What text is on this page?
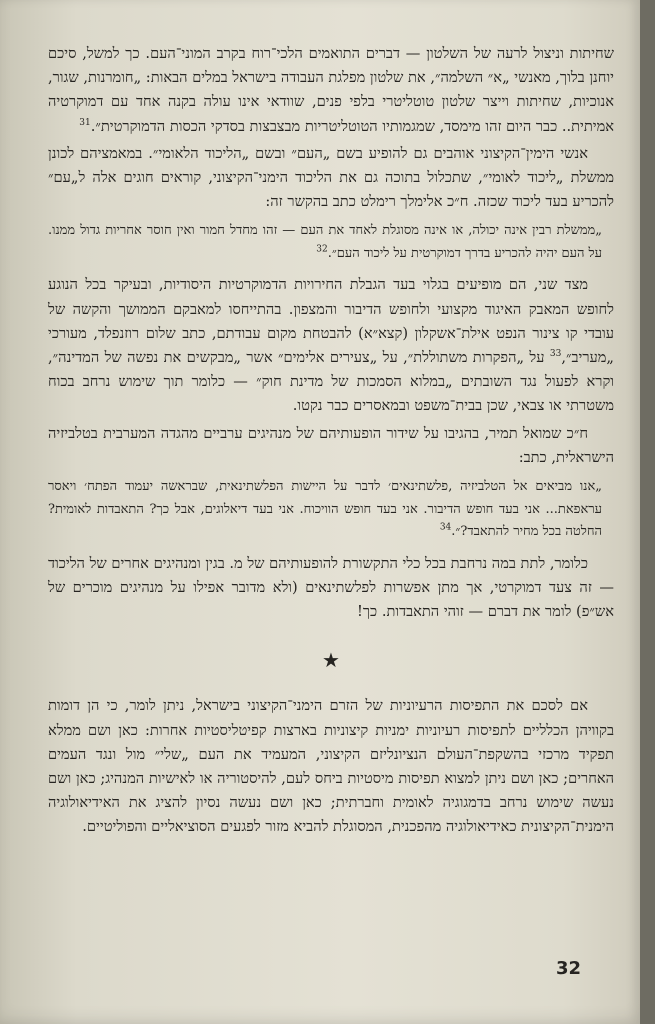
שחיתות וניצול לרעה של השלטון — דברים התואמים הלכי־רוח בקרב המוני־העם. כך למשל, סיכם יוחנן בלוך, מאנשי „א״ השלמה״, את שלטון מפלגת העבודה בישראל במלים הבאות: „חומרנות, שגור, אנוכיות, שחיתות וייצר שלטון טוטליטרי בלפי פנים, שוודאי אינו עולה בקנה אחד עם דמוקרטיה אמיתית.. כבר היום זהו מימסד, שמגמותיו הטוטליטריות מבצבצות בסדקי הכסות הדמוקרטית״.$^{31}$

אנשי הימין־הקיצוני אוהבים גם להופיע בשם „העם״ ובשם „הליכוד הלאומי״. במאמציהם לכונן ממשלת „ליכוד לאומי״, שתכלול בתוכה גם את הליכוד הימני־הקיצוני, קוראים חוגים אלה ל„עם״ להכריע בעד ליכוד שכזה. ח״כ אלימלך רימלט כתב בהקשר זה:

„ממשלת רבין אינה יכולה, או אינה מסוגלת לאחד את העם — זהו מחדל חמור ואין חוסר אחריות גדול ממנו. על העם יהיה להכריע בדרך דמוקרטית על ליכוד העם״.$^{32}$

מצד שני, הם מופיעים בגלוי בעד הגבלת החירויות הדמוקרטיות היסודיות, ובעיקר בכל הנוגע לחופש המאבק האיגוד מקצועי ולחופש הדיבור והמצפון. בהתייחסו למאבקם הממושך והקשה של עובדי קו צינור הנפט אילת־אשקלון (קצא״א) להבטחת מקום עבודתם, כתב שלום רוזנפלד, מעורכי „מעריב״,$^{33}$ על „הפקרות משתוללת״, על „צעירים אלימים״ אשר „מבקשים את נפשה של המדינה״, וקרא לפעול נגד השובתים „במלוא הסמכות של מדינת חוק״ — כלומר תוך שימוש נרחב בכוח משטרתי או צבאי, שכן בבית־משפט ובמאסרים כבר נקטו.

ח״כ שמואל תמיר, בהגיבו על שידור הופעותיהם של מנהיגים ערביים מהגדה המערבית בטלביזיה הישראלית, כתב:

„אנו מביאים אל הטלביזיה ‚פלשתינאים׳ לדבר על היישות הפלשתינאית, שבראשה יעמוד הפתח׳ ויאסר עראפאת... אני בעד חופש הדיבור. אני בעד חופש הוויכוח. אני בעד דיאלוגים, אבל כך? התאבדות לאומית? החלטה בכל מחיר להתאבד?״.$^{34}$

כלומר, לתת במה נרחבת בכל כלי התקשורת להופעותיהם של מ. בגין ומנהיגים אחרים של הליכוד — זה צעד דמוקרטי, אך מתן אפשרות לפלשתינאים (ולא מדובר אפילו על מנהיגים מוכרים של אש״פ) לומר את דברם — זוהי התאבדות. כך!

★

אם לסכם את התפיסות הרעיוניות של הזרם הימני־הקיצוני בישראל, ניתן לומר, כי הן דומות בקוויהן הכלליים לתפיסות רעיוניות ימניות קיצוניות בארצות קפיטליסטיות אחרות: כאן ושם ממלא תפקיד מרכזי בהשקפת־העולם הנציונליזם הקיצוני, המעמיד את העם „שלי״ מול ונגד העמים האחרים; כאן ושם ניתן למצוא תפיסות מיסטיות ביחס לעם, להיסטוריה או לאישיות המנהיג; כאן ושם נעשה שימוש נרחב בדמגוגיה לאומית וחברתית; כאן ושם נעשה נסיון להציג את האידיאולוגיה הימנית־הקיצונית כאידיאולוגיה מהפכנית, המסוגלת להביא מזור לפגעים הסוציאליים והפוליטיים.

32
